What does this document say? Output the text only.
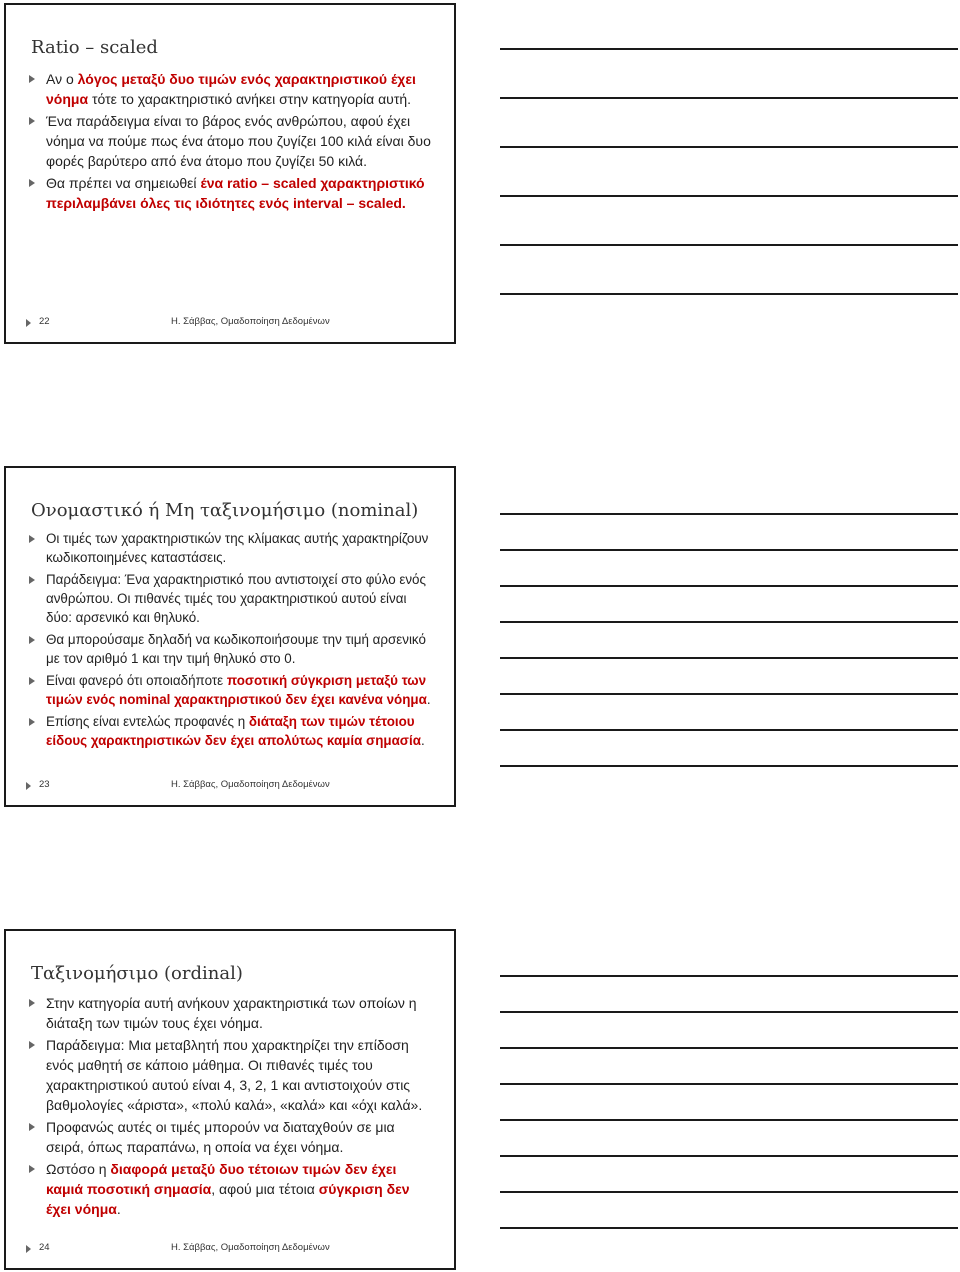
Ratio – scaled
Αν ο λόγος μεταξύ δυο τιμών ενός χαρακτηριστικού έχει νόημα τότε το χαρακτηριστικό ανήκει στην κατηγορία αυτή.
Ένα παράδειγμα είναι το βάρος ενός ανθρώπου, αφού έχει νόημα να πούμε πως ένα άτομο που ζυγίζει 100 κιλά είναι δυο φορές βαρύτερο από ένα άτομο που ζυγίζει 50 κιλά.
Θα πρέπει να σημειωθεί ένα ratio – scaled χαρακτηριστικό περιλαμβάνει όλες τις ιδιότητες ενός interval – scaled.
22	Η. Σάββας, Ομαδοποίηση Δεδομένων
Ονομαστικό ή Μη ταξινομήσιμο (nominal)
Οι τιμές των χαρακτηριστικών της κλίμακας αυτής χαρακτηρίζουν κωδικοποιημένες καταστάσεις.
Παράδειγμα: Ένα χαρακτηριστικό που αντιστοιχεί στο φύλο ενός ανθρώπου. Οι πιθανές τιμές του χαρακτηριστικού αυτού είναι δύο: αρσενικό και θηλυκό.
Θα μπορούσαμε δηλαδή να κωδικοποιήσουμε την τιμή αρσενικό με τον αριθμό 1 και την τιμή θηλυκό στο 0.
Είναι φανερό ότι οποιαδήποτε ποσοτική σύγκριση μεταξύ των τιμών ενός nominal χαρακτηριστικού δεν έχει κανένα νόημα.
Επίσης είναι εντελώς προφανές η διάταξη των τιμών τέτοιου είδους χαρακτηριστικών δεν έχει απολύτως καμία σημασία.
23	Η. Σάββας, Ομαδοποίηση Δεδομένων
Ταξινομήσιμο (ordinal)
Στην κατηγορία αυτή ανήκουν χαρακτηριστικά των οποίων η διάταξη των τιμών τους έχει νόημα.
Παράδειγμα: Μια μεταβλητή που χαρακτηρίζει την επίδοση ενός μαθητή σε κάποιο μάθημα. Οι πιθανές τιμές του χαρακτηριστικού αυτού είναι 4, 3, 2, 1 και αντιστοιχούν στις βαθμολογίες «άριστα», «πολύ καλά», «καλά» και «όχι καλά».
Προφανώς αυτές οι τιμές μπορούν να διαταχθούν σε μια σειρά, όπως παραπάνω, η οποία να έχει νόημα.
Ωστόσο η διαφορά μεταξύ δυο τέτοιων τιμών δεν έχει καμιά ποσοτική σημασία, αφού μια τέτοια σύγκριση δεν έχει νόημα.
24	Η. Σάββας, Ομαδοποίηση Δεδομένων
